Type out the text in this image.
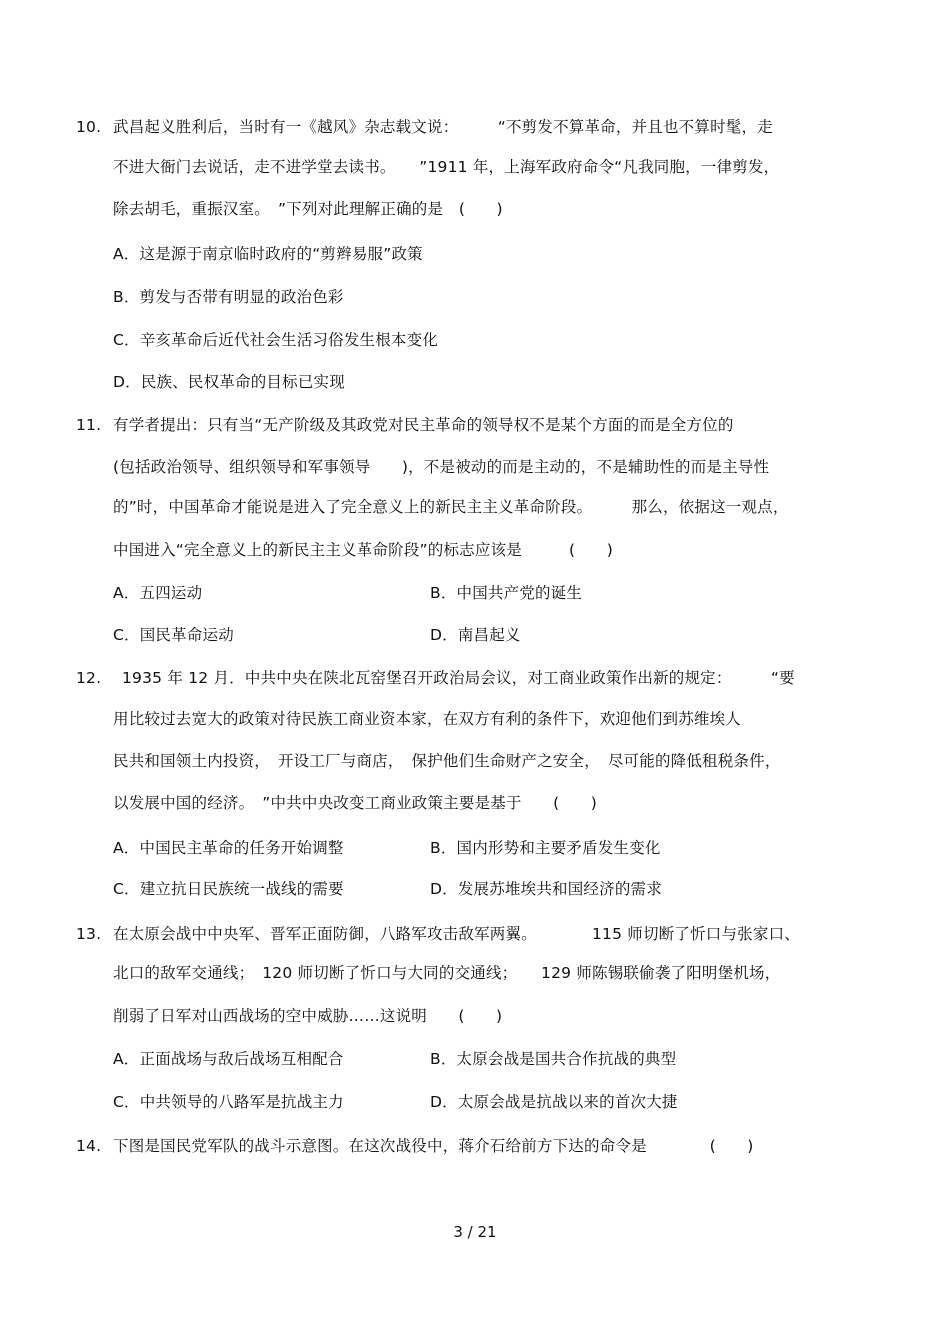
10. 武昌起义胜利后，当时有一《越风》杂志载文说：　　　“不剪发不算革命，并且也不算时髦，走
不进大衙门去说话，走不进学堂去读书。　　”1911 年，上海军政府命令“凡我同胞，一律剪发，
除去胡毛，重振汉室。　”下列对此理解正确的是　(　　)
A．这是源于南京临时政府的“剪辫易服”政策
B．剪发与否带有明显的政治色彩
C．辛亥革命后近代社会生活习俗发生根本变化
D．民族、民权革命的目标已实现
11. 有学者提出：只有当“无产阶级及其政党对民主革命的领导权不是某个方面的而是全方位的
(包括政治领导、组织领导和军事领导　　)，不是被动的而是主动的，不是辅助性的而是主导性
的”时，中国革命才能说是进入了完全意义上的新民主主义革命阶段。　　　那么，依据这一观点，
中国进入“完全意义上的新民主主义革命阶段”的标志应该是　　　(　　)
A．五四运动	B．中国共产党的诞生
C．国民革命运动	D．南昌起义
12. 1935 年 12 月．中共中央在陕北瓦窑堡召开政治局会议，对工商业政策作出新的规定：　　　“要
用比较过去宽大的政策对待民族工商业资本家，在双方有利的条件下，欢迎他们到苏维埃人
民共和国领土内投资，　开设工厂与商店，　保护他们生命财产之安全，　尽可能的降低租税条件，
以发展中国的经济。　”中共中央改变工商业政策主要是基于　　(　　)
A．中国民主革命的任务开始调整	B．国内形势和主要矛盾发生变化
C．建立抗日民族统一战线的需要	D．发展苏堆埃共和国经济的需求
13. 在太原会战中中央军、晋军正面防御，八路军攻击敌军两翼。　　　　115 师切断了忻口与张家口、
北口的敌军交通线；　120 师切断了忻口与大同的交通线；　　129 师陈锡联偷袭了阳明堡机场，
削弱了日军对山西战场的空中威胁……这说明　　(　　)
A．正面战场与敌后战场互相配合	B．太原会战是国共合作抗战的典型
C．中共领导的八路军是抗战主力	D．太原会战是抗战以来的首次大捷
14. 下图是国民党军队的战斗示意图。在这次战役中，蒋介石给前方下达的命令是　　　　(　　)
3 / 21
